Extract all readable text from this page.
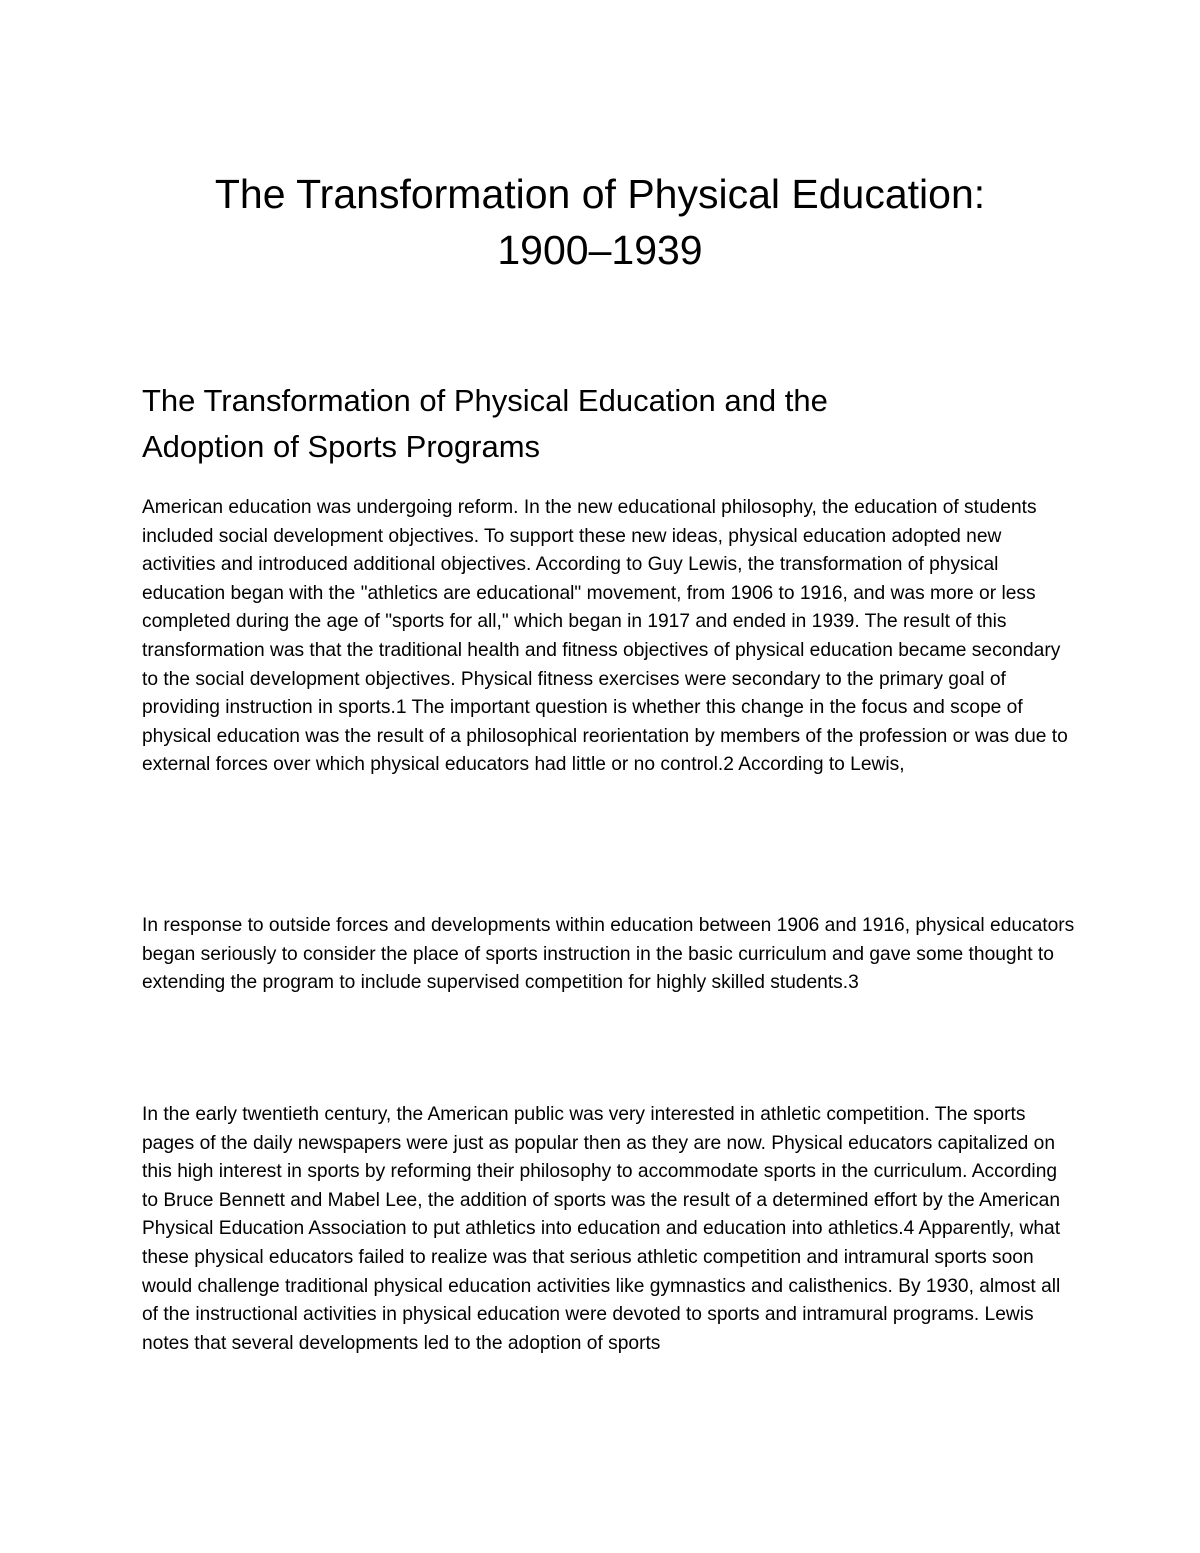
The Transformation of Physical Education:
1900–1939
The Transformation of Physical Education and the
Adoption of Sports Programs

American education was undergoing reform. In the new educational philosophy, the education of students included social development objectives. To support these new ideas, physical education adopted new activities and introduced additional objectives. According to Guy Lewis, the transformation of physical education began with the "athletics are educational" movement, from 1906 to 1916, and was more or less completed during the age of "sports for all," which began in 1917 and ended in 1939. The result of this transformation was that the traditional health and fitness objectives of physical education became secondary to the social development objectives. Physical fitness exercises were secondary to the primary goal of providing instruction in sports.1 The important question is whether this change in the focus and scope of physical education was the result of a philosophical reorientation by members of the profession or was due to external forces over which physical educators had little or no control.2 According to Lewis,

In response to outside forces and developments within education between 1906 and 1916, physical educators began seriously to consider the place of sports instruction in the basic curriculum and gave some thought to extending the program to include supervised competition for highly skilled students.3

In the early twentieth century, the American public was very interested in athletic competition. The sports pages of the daily newspapers were just as popular then as they are now. Physical educators capitalized on this high interest in sports by reforming their philosophy to accommodate sports in the curriculum. According to Bruce Bennett and Mabel Lee, the addition of sports was the result of a determined effort by the American Physical Education Association to put athletics into education and education into athletics.4 Apparently, what these physical educators failed to realize was that serious athletic competition and intramural sports soon would challenge traditional physical education activities like gymnastics and calisthenics. By 1930, almost all of the instructional activities in physical education were devoted to sports and intramural programs. Lewis notes that several developments led to the adoption of sports
